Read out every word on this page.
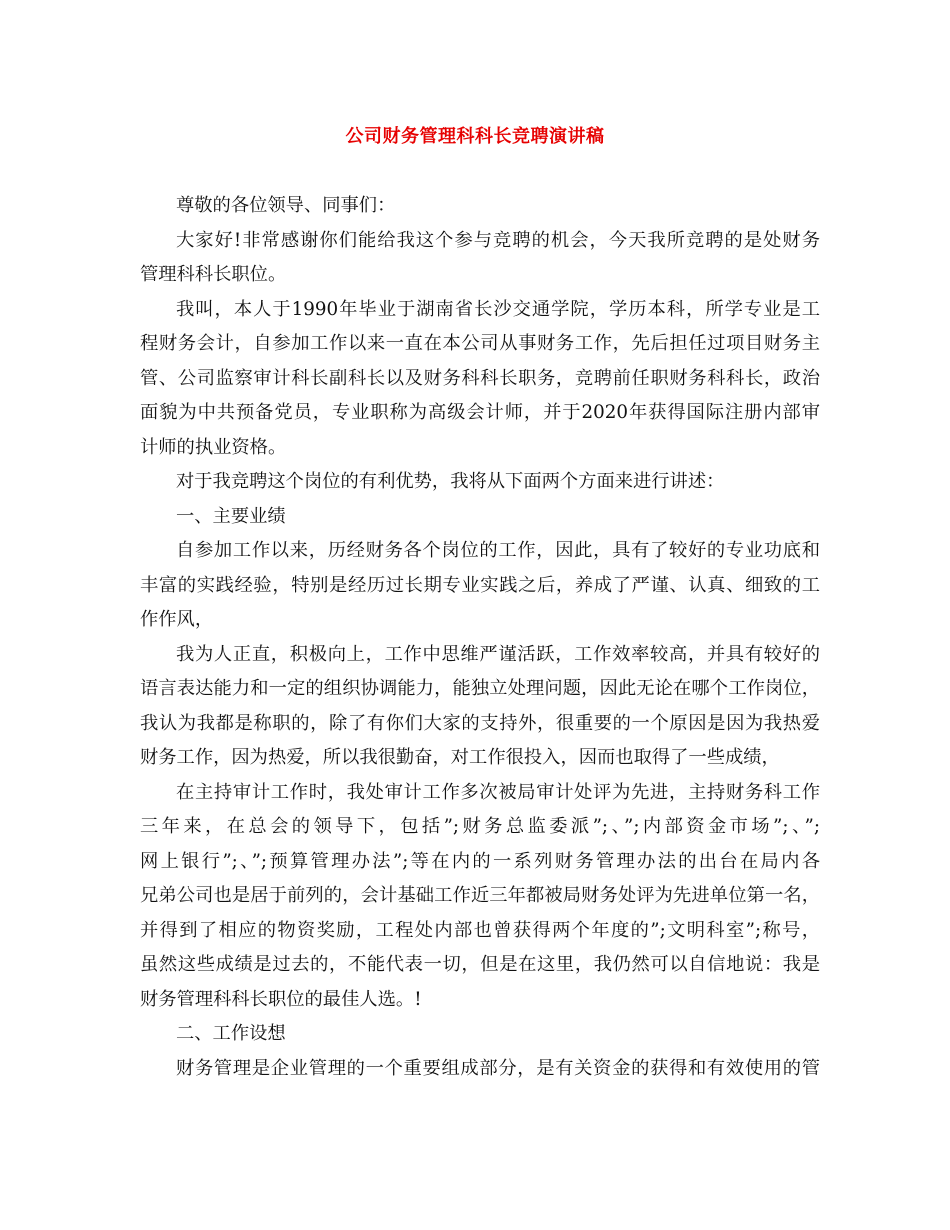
公司财务管理科科长竞聘演讲稿
尊敬的各位领导、同事们：
大家好!非常感谢你们能给我这个参与竞聘的机会，今天我所竞聘的是处财务
管理科科长职位。
我叫，本人于1990年毕业于湖南省长沙交通学院，学历本科，所学专业是工
程财务会计，自参加工作以来一直在本公司从事财务工作，先后担任过项目财务主
管、公司监察审计科长副科长以及财务科科长职务，竞聘前任职财务科科长，政治
面貌为中共预备党员，专业职称为高级会计师，并于2020年获得国际注册内部审
计师的执业资格。
对于我竞聘这个岗位的有利优势，我将从下面两个方面来进行讲述：
一、主要业绩
自参加工作以来，历经财务各个岗位的工作，因此，具有了较好的专业功底和
丰富的实践经验，特别是经历过长期专业实践之后，养成了严谨、认真、细致的工
作作风，
我为人正直，积极向上，工作中思维严谨活跃，工作效率较高，并具有较好的
语言表达能力和一定的组织协调能力，能独立处理问题，因此无论在哪个工作岗位，
我认为我都是称职的，除了有你们大家的支持外，很重要的一个原因是因为我热爱
财务工作，因为热爱，所以我很勤奋，对工作很投入，因而也取得了一些成绩，
在主持审计工作时，我处审计工作多次被局审计处评为先进，主持财务科工作
三年来，在总会的领导下，包括”;财务总监委派”;、”;内部资金市场”;、”;
网上银行”;、”;预算管理办法”;等在内的一系列财务管理办法的出台在局内各
兄弟公司也是居于前列的，会计基础工作近三年都被局财务处评为先进单位第一名，
并得到了相应的物资奖励，工程处内部也曾获得两个年度的”;文明科室”;称号，
虽然这些成绩是过去的，不能代表一切，但是在这里，我仍然可以自信地说：我是
财务管理科科长职位的最佳人选。!
二、工作设想
财务管理是企业管理的一个重要组成部分，是有关资金的获得和有效使用的管
